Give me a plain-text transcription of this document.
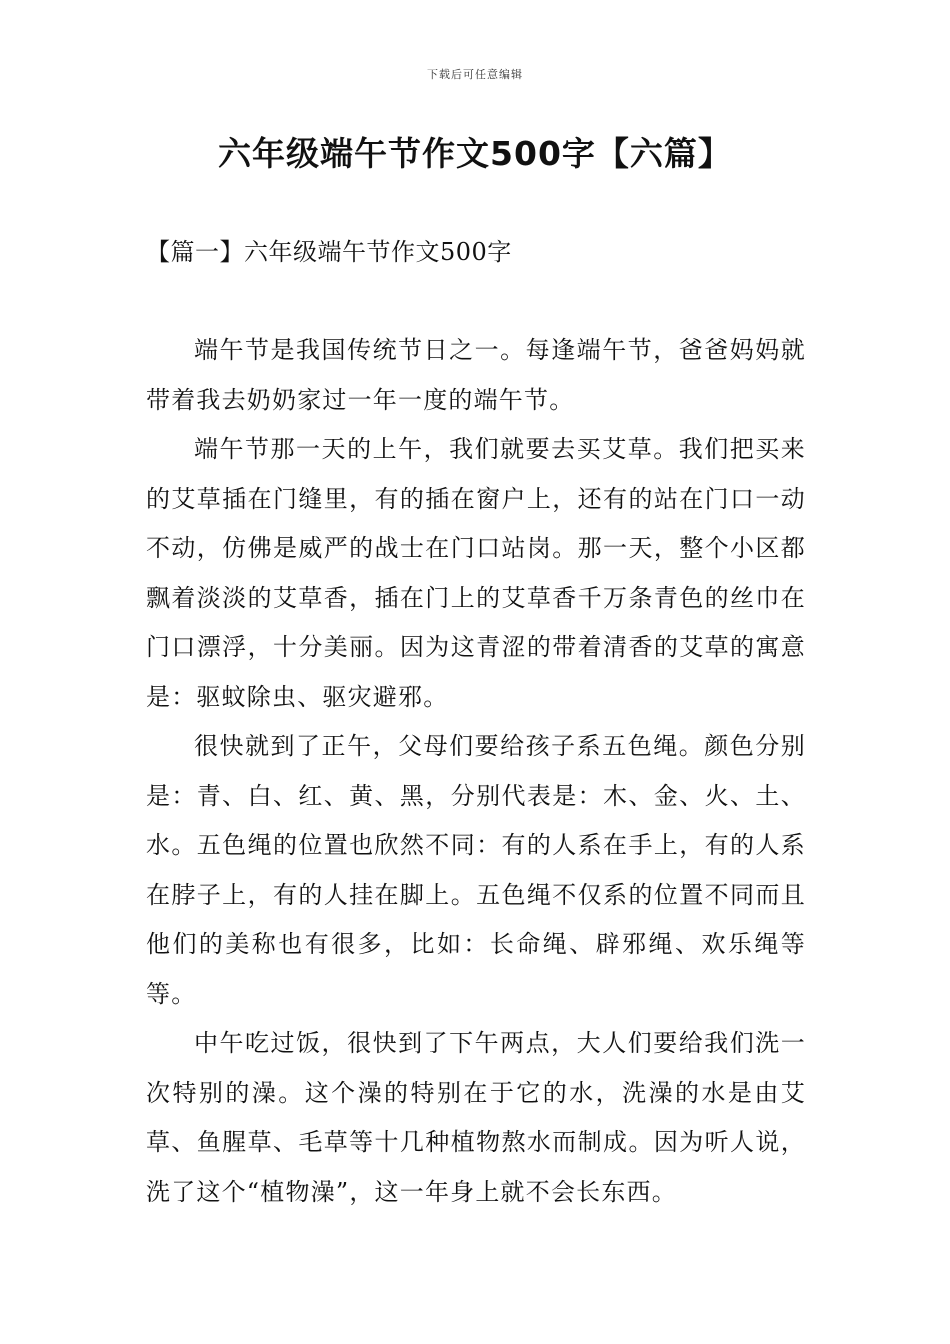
下载后可任意编辑
六年级端午节作文500字【六篇】
【篇一】六年级端午节作文500字

端午节是我国传统节日之一。每逢端午节，爸爸妈妈就带着我去奶奶家过一年一度的端午节。

端午节那一天的上午，我们就要去买艾草。我们把买来的艾草插在门缝里，有的插在窗户上，还有的站在门口一动不动，仿佛是威严的战士在门口站岗。那一天，整个小区都飘着淡淡的艾草香，插在门上的艾草香千万条青色的丝巾在门口漂浮，十分美丽。因为这青涩的带着清香的艾草的寓意是：驱蚊除虫、驱灾避邪。

很快就到了正午，父母们要给孩子系五色绳。颜色分别是：青、白、红、黄、黑，分别代表是：木、金、火、土、水。五色绳的位置也欣然不同：有的人系在手上，有的人系在脖子上，有的人挂在脚上。五色绳不仅系的位置不同而且他们的美称也有很多，比如：长命绳、辟邪绳、欢乐绳等等。

中午吃过饭，很快到了下午两点，大人们要给我们洗一次特别的澡。这个澡的特别在于它的水，洗澡的水是由艾草、鱼腥草、毛草等十几种植物熬水而制成。因为听人说，洗了这个“植物澡”，这一年身上就不会长东西。
